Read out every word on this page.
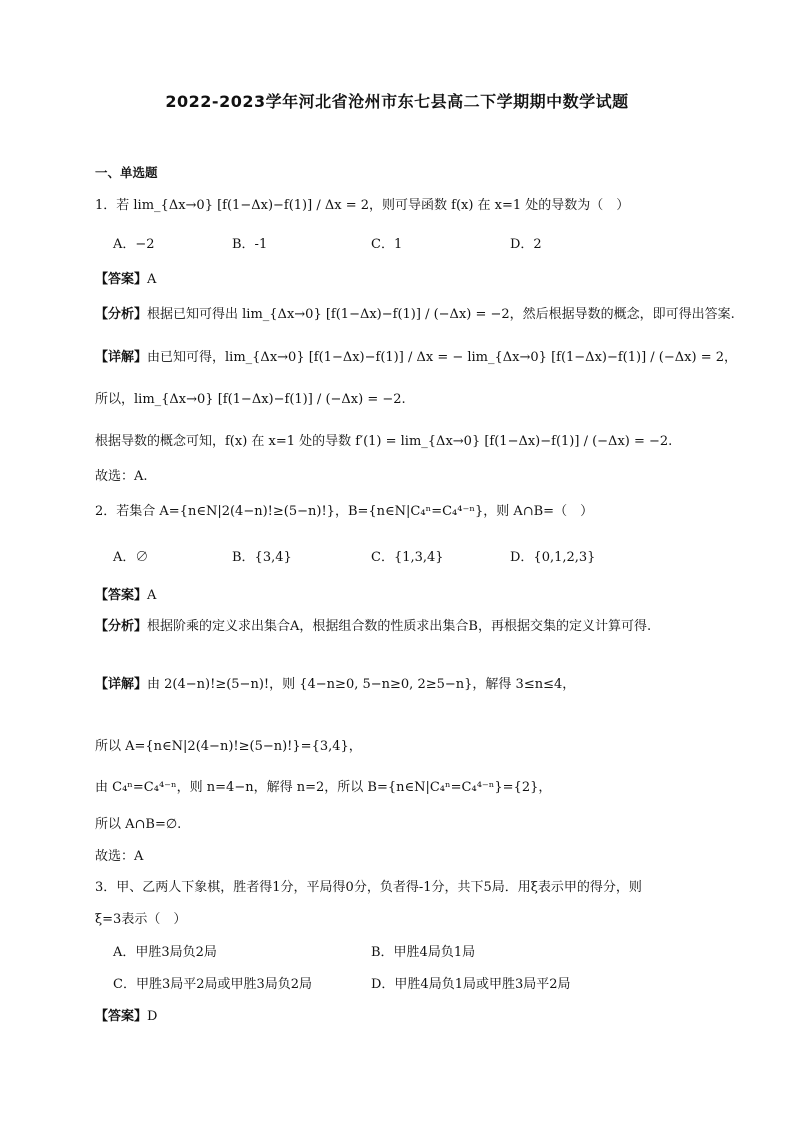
2022-2023学年河北省沧州市东七县高二下学期期中数学试题
一、单选题
1．若 lim_{Δx→0} [f(1−Δx)−f(1)] / Δx = 2，则可导函数 f(x) 在 x=1 处的导数为（　）
A．−2	B．-1	C．1	D．2
【答案】A
【分析】根据已知可得出 lim_{Δx→0} [f(1−Δx)−f(1)] / (−Δx) = −2，然后根据导数的概念，即可得出答案.
【详解】由已知可得，lim_{Δx→0} [f(1−Δx)−f(1)] / Δx = − lim_{Δx→0} [f(1−Δx)−f(1)] / (−Δx) = 2，
所以，lim_{Δx→0} [f(1−Δx)−f(1)] / (−Δx) = −2.
根据导数的概念可知，f(x) 在 x=1 处的导数 f′(1) = lim_{Δx→0} [f(1−Δx)−f(1)] / (−Δx) = −2.
故选：A.
2．若集合 A={n∈N|2(4−n)!≥(5−n)!}，B={n∈N|C₄ⁿ=C₄⁴⁻ⁿ}，则 A∩B=（　）
A．∅	B．{3,4}	C．{1,3,4}	D．{0,1,2,3}
【答案】A
【分析】根据阶乘的定义求出集合A，根据组合数的性质求出集合B，再根据交集的定义计算可得.
【详解】由 2(4−n)!≥(5−n)!，则 {4−n≥0, 5−n≥0, 2≥5−n}，解得 3≤n≤4，
所以 A={n∈N|2(4−n)!≥(5−n)!}={3,4}，
由 C₄ⁿ=C₄⁴⁻ⁿ，则 n=4−n，解得 n=2，所以 B={n∈N|C₄ⁿ=C₄⁴⁻ⁿ}={2}，
所以 A∩B=∅.
故选：A
3．甲、乙两人下象棋，胜者得1分，平局得0分，负者得-1分，共下5局．用ξ表示甲的得分，则
ξ=3表示（　）
A．甲胜3局负2局	B．甲胜4局负1局
C．甲胜3局平2局或甲胜3局负2局	D．甲胜4局负1局或甲胜3局平2局
【答案】D
